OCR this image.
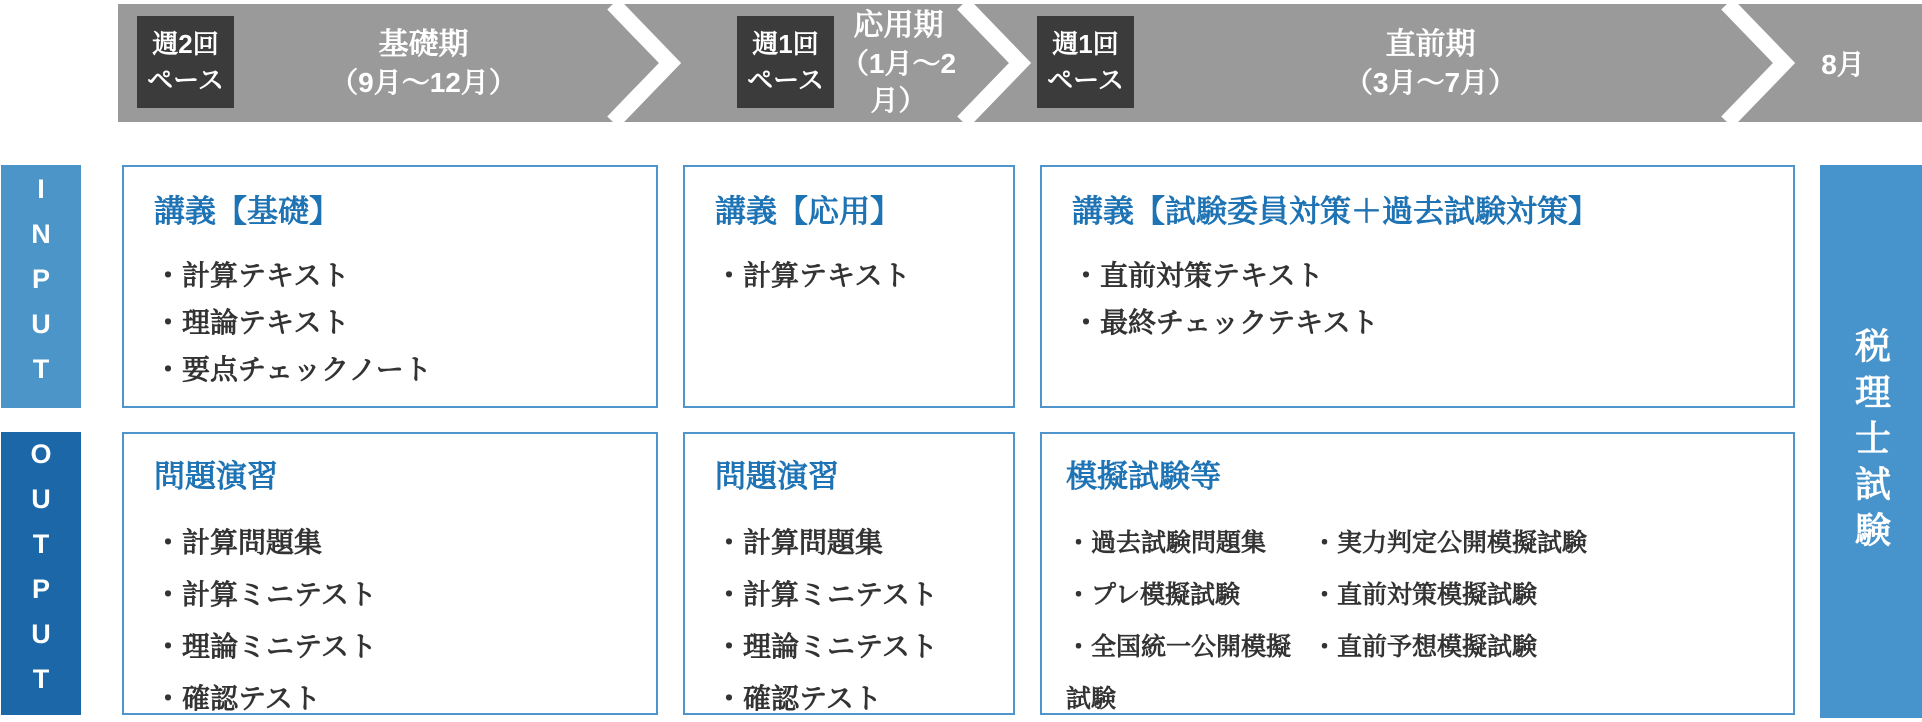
週2回
ペース
基礎期
（9月〜12月）
週1回
ペース
応用期
（1月〜2月）
週1回
ペース
直前期
（3月〜7月）
8月
INPUT
OUTPUT	税理士試験
講義【基礎】
・計算テキスト
・理論テキスト
・要点チェックノート
講義【応用】
・計算テキスト
講義【試験委員対策＋過去試験対策】
・直前対策テキスト
・最終チェックテキスト
問題演習
・計算問題集
・計算ミニテスト
・理論ミニテスト
・確認テスト
問題演習
・計算問題集
・計算ミニテスト
・理論ミニテスト
・確認テスト
模擬試験等
・過去試験問題集
・プレ模擬試験
・全国統一公開模擬試験
・実力判定公開模擬試験
・直前対策模擬試験
・直前予想模擬試験
